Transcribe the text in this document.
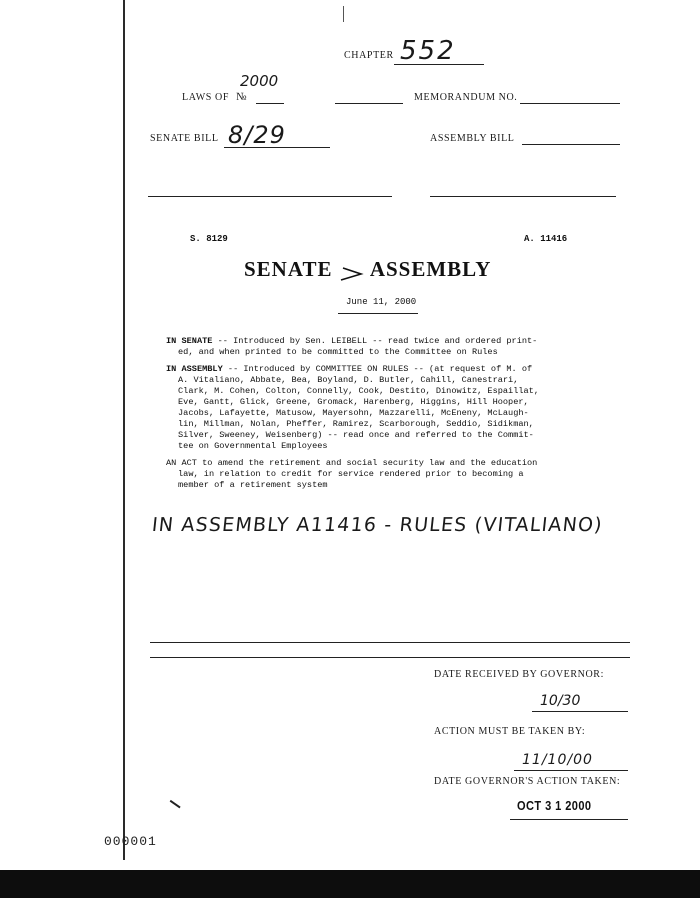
CHAPTER 552
LAWS OF №
2000
MEMORANDUM NO.
SENATE BILL 8/29	ASSEMBLY BILL
S. 8129	A. 11416
SENATE ASSEMBLY
June 11, 2000
IN SENATE -- Introduced by Sen. LEIBELL -- read twice and ordered print-
ed, and when printed to be committed to the Committee on Rules
IN ASSEMBLY -- Introduced by COMMITTEE ON RULES -- (at request of M. of
A. Vitaliano, Abbate, Bea, Boyland, D. Butler, Cahill, Canestrari,
Clark, M. Cohen, Colton, Connelly, Cook, Destito, Dinowitz, Espaillat,
Eve, Gantt, Glick, Greene, Gromack, Harenberg, Higgins, Hill Hooper,
Jacobs, Lafayette, Matusow, Mayersohn, Mazzarelli, McEneny, McLaugh-
lin, Millman, Nolan, Pheffer, Ramirez, Scarborough, Seddio, Sidikman,
Silver, Sweeney, Weisenberg) -- read once and referred to the Commit-
tee on Governmental Employees
AN ACT to amend the retirement and social security law and the education
law, in relation to credit for service rendered prior to becoming a
member of a retirement system
IN ASSEMBLY A11416 - RULES (VITALIANO)
DATE RECEIVED BY GOVERNOR:
10/30
ACTION MUST BE TAKEN BY:
11/10/00
DATE GOVERNOR'S ACTION TAKEN:
OCT 3 1 2000
000001
